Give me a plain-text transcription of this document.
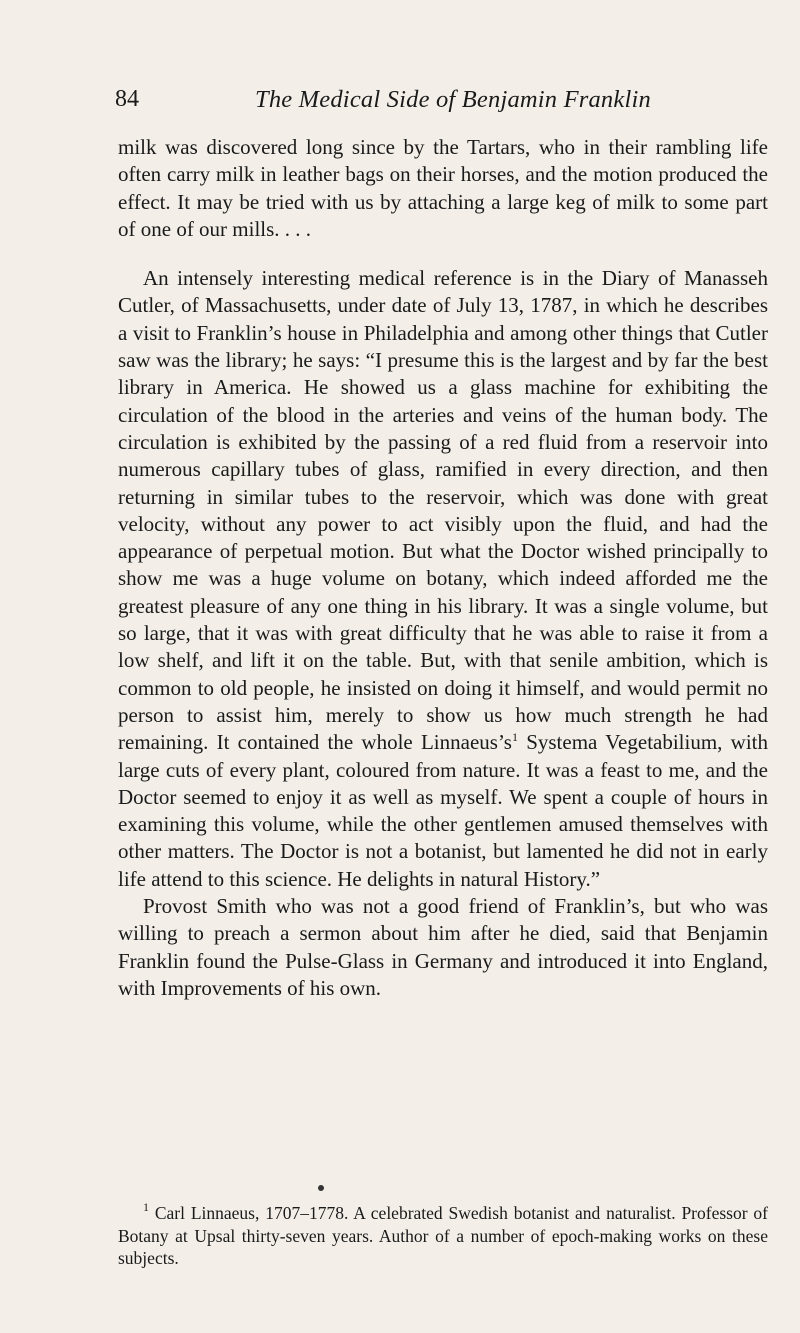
84	The Medical Side of Benjamin Franklin

milk was discovered long since by the Tartars, who in their rambling life often carry milk in leather bags on their horses, and the motion produced the effect. It may be tried with us by attaching a large keg of milk to some part of one of our mills. . . .

An intensely interesting medical reference is in the Diary of Manasseh Cutler, of Massachusetts, under date of July 13, 1787, in which he describes a visit to Franklin’s house in Philadelphia and among other things that Cutler saw was the library; he says: “I presume this is the largest and by far the best library in America. He showed us a glass machine for exhibiting the circulation of the blood in the arteries and veins of the human body. The circulation is exhibited by the passing of a red fluid from a reservoir into numerous capillary tubes of glass, ramified in every direction, and then returning in similar tubes to the reservoir, which was done with great velocity, without any power to act visibly upon the fluid, and had the appearance of perpetual motion. But what the Doctor wished principally to show me was a huge volume on botany, which indeed afforded me the greatest pleasure of any one thing in his library. It was a single volume, but so large, that it was with great difficulty that he was able to raise it from a low shelf, and lift it on the table. But, with that senile ambition, which is common to old people, he insisted on doing it himself, and would permit no person to assist him, merely to show us how much strength he had remaining. It contained the whole Linnaeus’s$^1$ Systema Vegetabilium, with large cuts of every plant, coloured from nature. It was a feast to me, and the Doctor seemed to enjoy it as well as myself. We spent a couple of hours in examining this volume, while the other gentlemen amused themselves with other matters. The Doctor is not a botanist, but lamented he did not in early life attend to this science. He delights in natural History.”

Provost Smith who was not a good friend of Franklin’s, but who was willing to preach a sermon about him after he died, said that Benjamin Franklin found the Pulse-Glass in Germany and introduced it into England, with Improvements of his own.

$^1$ Carl Linnaeus, 1707–1778. A celebrated Swedish botanist and naturalist. Professor of Botany at Upsal thirty-seven years. Author of a number of epoch-making works on these subjects.
